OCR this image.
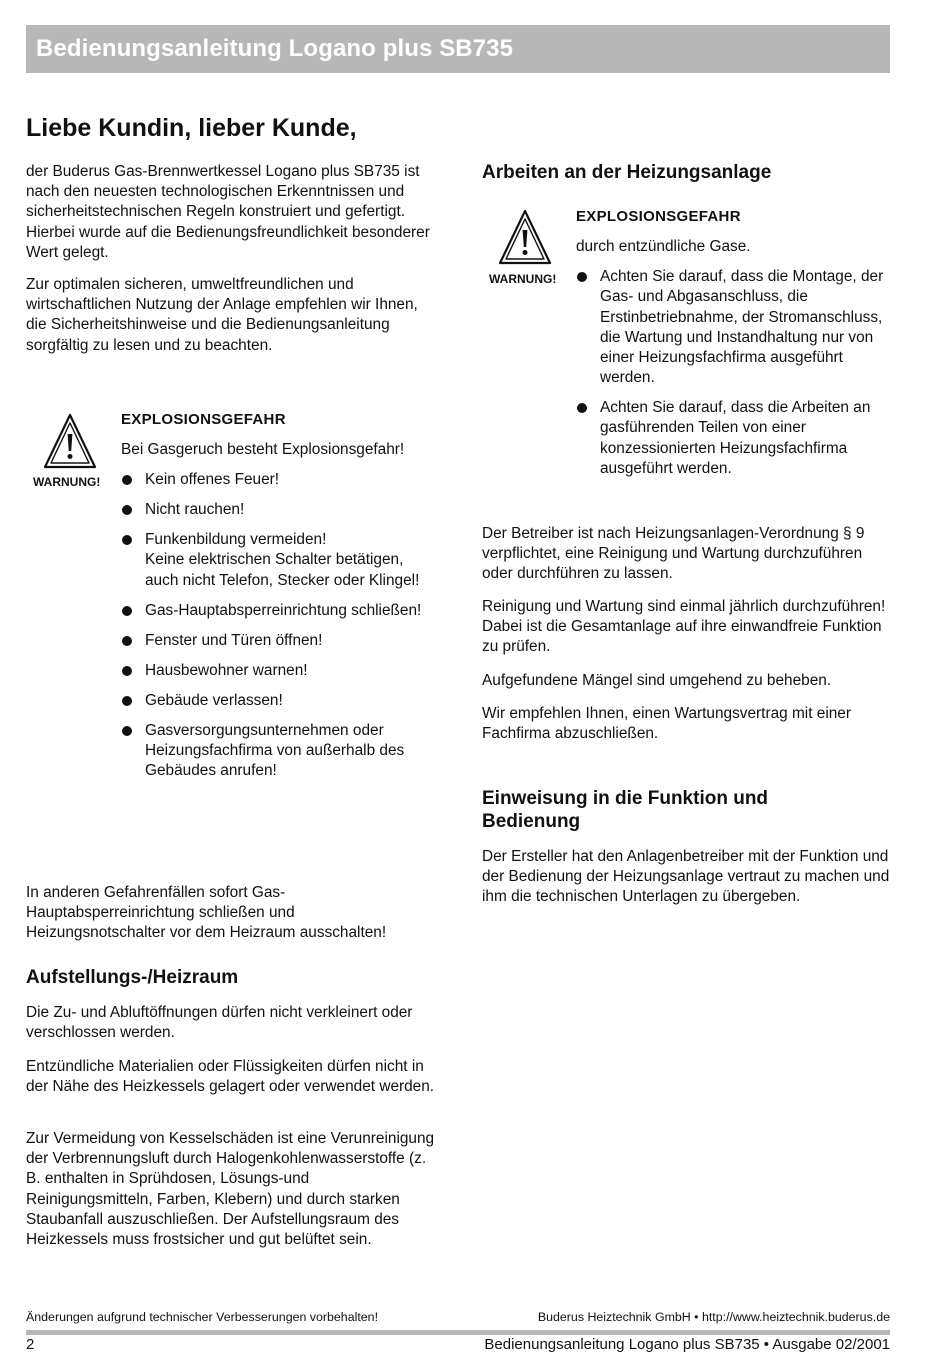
Bedienungsanleitung Logano plus SB735
Liebe Kundin, lieber Kunde,

der Buderus Gas-Brennwertkessel Logano plus SB735 ist nach den neuesten technologischen Erkenntnissen und sicherheitstechnischen Regeln konstruiert und gefertigt. Hierbei wurde auf die Bedienungsfreundlichkeit besonderer Wert gelegt.

Zur optimalen sicheren, umweltfreundlichen und wirtschaftlichen Nutzung der Anlage empfehlen wir Ihnen, die Sicherheitshinweise und die Bedienungsanleitung sorgfältig zu lesen und zu beachten.

WARNUNG!
EXPLOSIONSGEFAHR

Bei Gasgeruch besteht Explosionsgefahr!

Kein offenes Feuer!
Nicht rauchen!
Funkenbildung vermeiden!
Keine elektrischen Schalter betätigen, auch nicht Telefon, Stecker oder Klingel!
Gas-Hauptabsperreinrichtung schließen!
Fenster und Türen öffnen!
Hausbewohner warnen!
Gebäude verlassen!
Gasversorgungsunternehmen oder Heizungsfachfirma von außerhalb des Gebäudes anrufen!

In anderen Gefahrenfällen sofort Gas-Hauptabsperreinrichtung schließen und Heizungsnotschalter vor dem Heizraum ausschalten!

Aufstellungs-/Heizraum

Die Zu- und Abluftöffnungen dürfen nicht verkleinert oder verschlossen werden.

Entzündliche Materialien oder Flüssigkeiten dürfen nicht in der Nähe des Heizkessels gelagert oder verwendet werden.

Zur Vermeidung von Kesselschäden ist eine Verunreinigung der Verbrennungsluft durch Halogenkohlenwasserstoffe (z. B. enthalten in Sprühdosen, Lösungs-und Reinigungsmitteln, Farben, Klebern) und durch starken Staubanfall auszuschließen. Der Aufstellungsraum des Heizkessels muss frostsicher und gut belüftet sein.

Arbeiten an der Heizungsanlage
WARNUNG!
EXPLOSIONSGEFAHR

durch entzündliche Gase.

Achten Sie darauf, dass die Montage, der Gas- und Abgasanschluss, die Erstinbetriebnahme, der Stromanschluss, die Wartung und Instandhaltung nur von einer Heizungsfachfirma ausgeführt werden.
Achten Sie darauf, dass die Arbeiten an gasführenden Teilen von einer konzessionierten Heizungsfachfirma ausgeführt werden.

Der Betreiber ist nach Heizungsanlagen-Verordnung § 9 verpflichtet, eine Reinigung und Wartung durchzuführen oder durchführen zu lassen.

Reinigung und Wartung sind einmal jährlich durchzuführen! Dabei ist die Gesamtanlage auf ihre einwandfreie Funktion zu prüfen.

Aufgefundene Mängel sind umgehend zu beheben.

Wir empfehlen Ihnen, einen Wartungsvertrag mit einer Fachfirma abzuschließen.

Einweisung in die Funktion und Bedienung

Der Ersteller hat den Anlagenbetreiber mit der Funktion und der Bedienung der Heizungsanlage vertraut zu machen und ihm die technischen Unterlagen zu übergeben.

Änderungen aufgrund technischer Verbesserungen vorbehalten!	Buderus Heiztechnik GmbH • http://www.heiztechnik.buderus.de
2	Bedienungsanleitung Logano plus SB735 • Ausgabe 02/2001
